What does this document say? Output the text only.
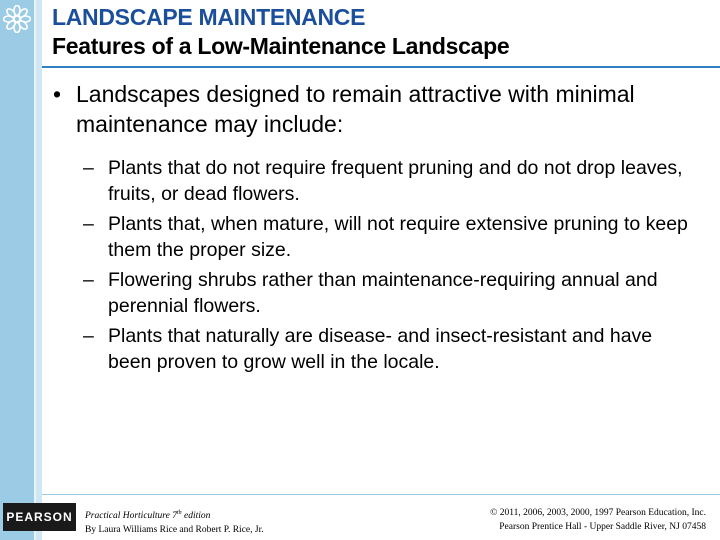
LANDSCAPE MAINTENANCE
Features of a Low-Maintenance Landscape
• Landscapes designed to remain attractive with minimal maintenance may include:
– Plants that do not require frequent pruning and do not drop leaves, fruits, or dead flowers.
– Plants that, when mature, will not require extensive pruning to keep them the proper size.
– Flowering shrubs rather than maintenance-requiring annual and perennial flowers.
– Plants that naturally are disease- and insect-resistant and have been proven to grow well in the locale.
PEARSON	Practical Horticulture 7th edition
By Laura Williams Rice and Robert P. Rice, Jr.
© 2011, 2006, 2003, 2000, 1997 Pearson Education, Inc.
Pearson Prentice Hall - Upper Saddle River, NJ 07458
